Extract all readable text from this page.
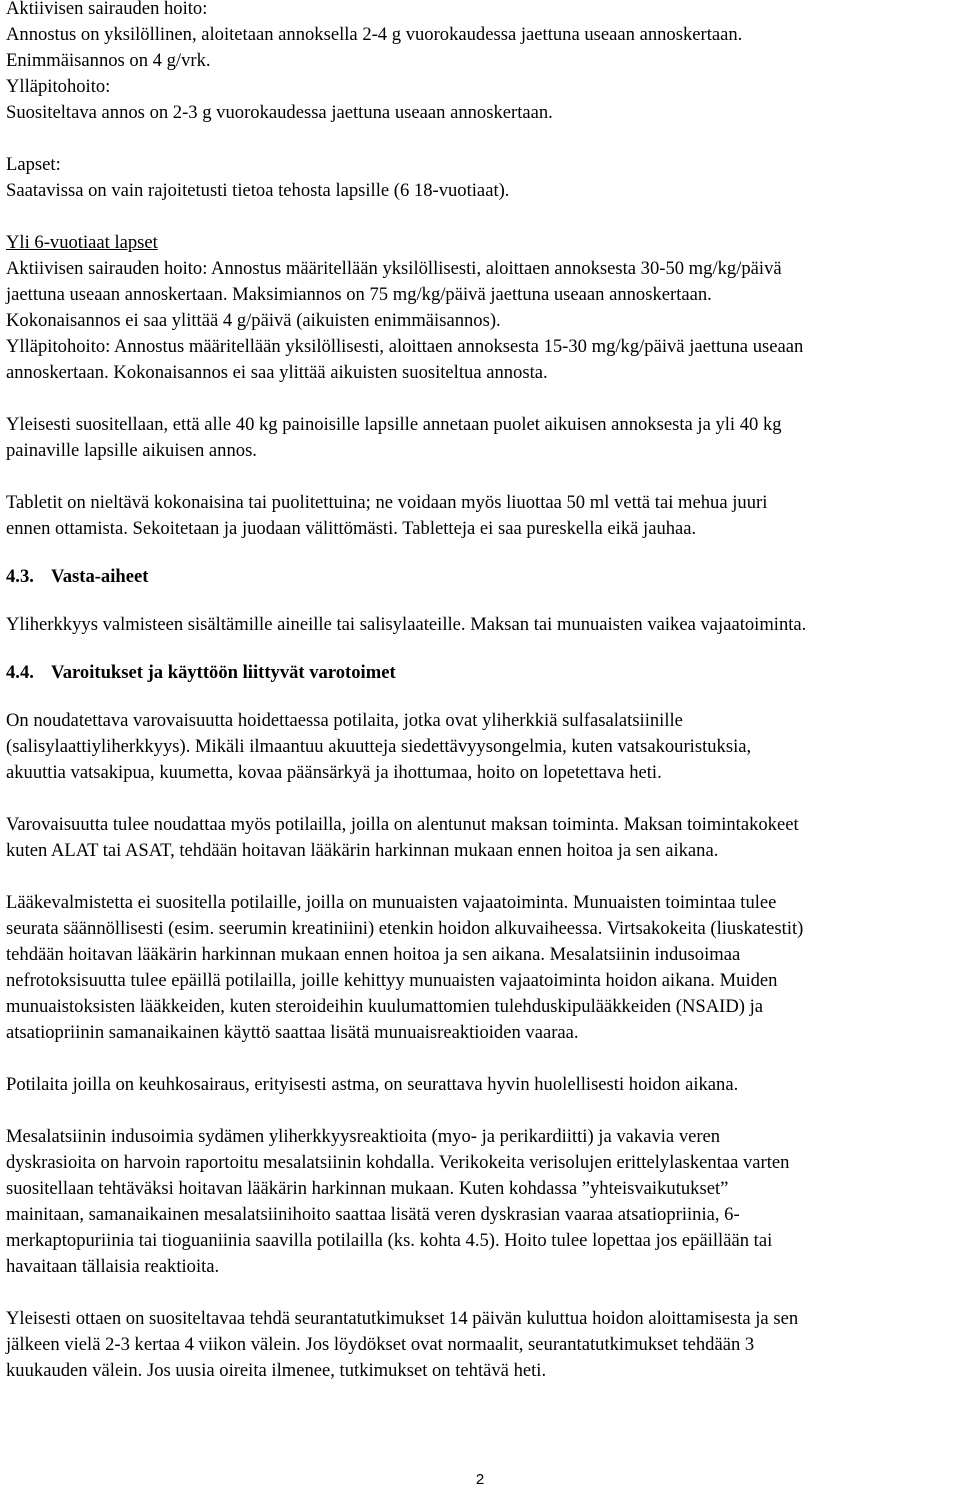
Aktiivisen sairauden hoito:

Annostus on yksilöllinen, aloitetaan annoksella 2-4 g vuorokaudessa jaettuna useaan annoskertaan.

Enimmäisannos on 4 g/vrk.

Ylläpitohoito:

Suositeltava annos on 2-3 g vuorokaudessa jaettuna useaan annoskertaan.

Lapset:

Saatavissa on vain rajoitetusti tietoa tehosta lapsille (6 18-vuotiaat).

Yli 6-vuotiaat lapset

Aktiivisen sairauden hoito: Annostus määritellään yksilöllisesti, aloittaen annoksesta 30-50 mg/kg/päivä

jaettuna useaan annoskertaan. Maksimiannos on 75 mg/kg/päivä jaettuna useaan annoskertaan.

Kokonaisannos ei saa ylittää 4 g/päivä (aikuisten enimmäisannos).

Ylläpitohoito: Annostus määritellään yksilöllisesti, aloittaen annoksesta 15-30 mg/kg/päivä jaettuna useaan

annoskertaan. Kokonaisannos ei saa ylittää aikuisten suositeltua annosta.

Yleisesti suositellaan, että alle 40 kg painoisille lapsille annetaan puolet aikuisen annoksesta ja yli 40 kg

painaville lapsille aikuisen annos.

Tabletit on nieltävä kokonaisina tai puolitettuina; ne voidaan myös liuottaa 50 ml vettä tai mehua juuri

ennen ottamista. Sekoitetaan ja juodaan välittömästi. Tabletteja ei saa pureskella eikä jauhaa.

4.3. Vasta-aiheet

Yliherkkyys valmisteen sisältämille aineille tai salisylaateille. Maksan tai munuaisten vaikea vajaatoiminta.

4.4. Varoitukset ja käyttöön liittyvät varotoimet

On noudatettava varovaisuutta hoidettaessa potilaita, jotka ovat yliherkkiä sulfasalatsiinille

(salisylaattiyliherkkyys). Mikäli ilmaantuu akuutteja siedettävyysongelmia, kuten vatsakouristuksia,

akuuttia vatsakipua, kuumetta, kovaa päänsärkyä ja ihottumaa, hoito on lopetettava heti.

Varovaisuutta tulee noudattaa myös potilailla, joilla on alentunut maksan toiminta. Maksan toimintakokeet

kuten ALAT tai ASAT, tehdään hoitavan lääkärin harkinnan mukaan ennen hoitoa ja sen aikana.

Lääkevalmistetta ei suositella potilaille, joilla on munuaisten vajaatoiminta. Munuaisten toimintaa tulee

seurata säännöllisesti (esim. seerumin kreatiniini) etenkin hoidon alkuvaiheessa. Virtsakokeita (liuskatestit)

tehdään hoitavan lääkärin harkinnan mukaan ennen hoitoa ja sen aikana. Mesalatsiinin indusoimaa

nefrotoksisuutta tulee epäillä potilailla, joille kehittyy munuaisten vajaatoiminta hoidon aikana. Muiden

munuaistoksisten lääkkeiden, kuten steroideihin kuulumattomien tulehduskipulääkkeiden (NSAID) ja

atsatiopriinin samanaikainen käyttö saattaa lisätä munuaisreaktioiden vaaraa.

Potilaita joilla on keuhkosairaus, erityisesti astma, on seurattava hyvin huolellisesti hoidon aikana.

Mesalatsiinin indusoimia sydämen yliherkkyysreaktioita (myo- ja perikardiitti) ja vakavia veren

dyskrasioita on harvoin raportoitu mesalatsiinin kohdalla. Verikokeita verisolujen erittelylaskentaa varten

suositellaan tehtäväksi hoitavan lääkärin harkinnan mukaan. Kuten kohdassa ”yhteisvaikutukset”

mainitaan, samanaikainen mesalatsiinihoito saattaa lisätä veren dyskrasian vaaraa atsatiopriinia, 6-

merkaptopuriinia tai tioguaniinia saavilla potilailla (ks. kohta 4.5). Hoito tulee lopettaa jos epäillään tai

havaitaan tällaisia reaktioita.

Yleisesti ottaen on suositeltavaa tehdä seurantatutkimukset 14 päivän kuluttua hoidon aloittamisesta ja sen

jälkeen vielä 2-3 kertaa 4 viikon välein. Jos löydökset ovat normaalit, seurantatutkimukset tehdään 3

kuukauden välein. Jos uusia oireita ilmenee, tutkimukset on tehtävä heti.

2
